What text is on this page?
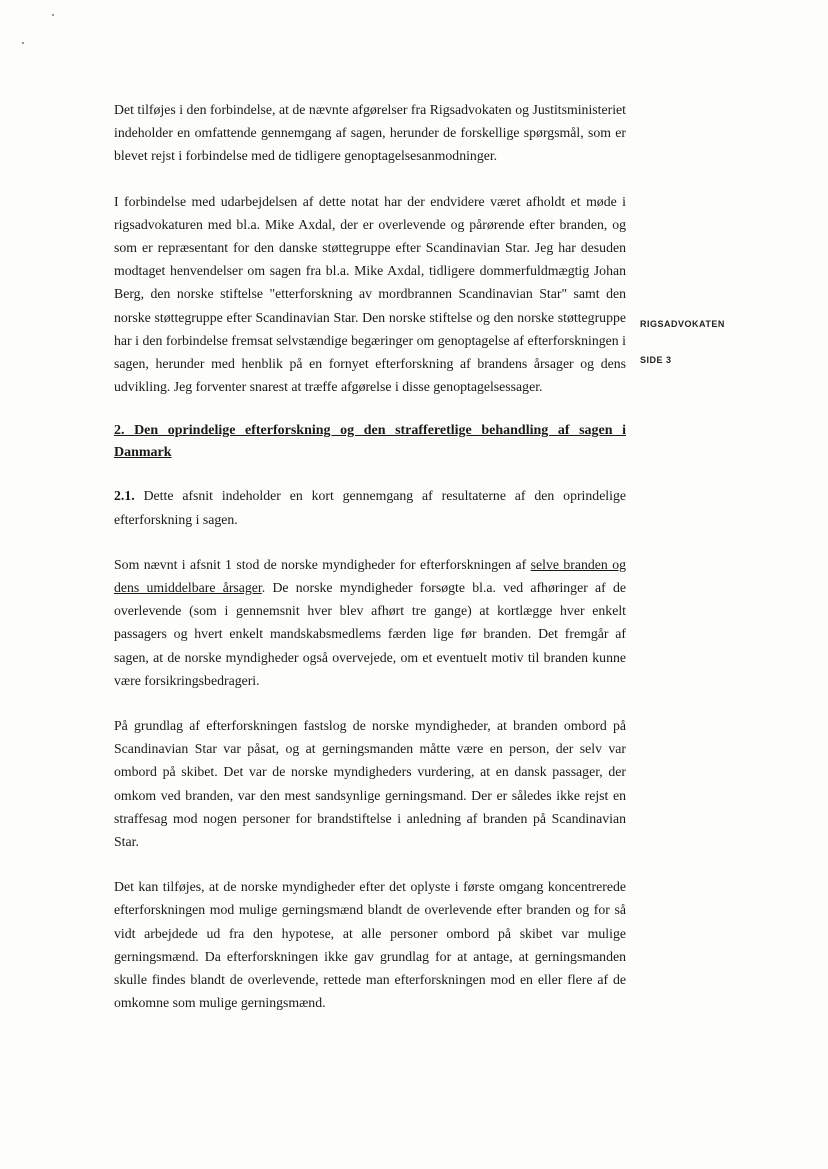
RIGSADVOKATEN
SIDE 3

Det tilføjes i den forbindelse, at de nævnte afgørelser fra Rigsadvokaten og Justitsministeriet indeholder en omfattende gennemgang af sagen, herunder de forskellige spørgsmål, som er blevet rejst i forbindelse med de tidligere genoptagelsesanmodninger.

I forbindelse med udarbejdelsen af dette notat har der endvidere været afholdt et møde i rigsadvokaturen med bl.a. Mike Axdal, der er overlevende og pårørende efter branden, og som er repræsentant for den danske støttegruppe efter Scandinavian Star. Jeg har desuden modtaget henvendelser om sagen fra bl.a. Mike Axdal, tidligere dommerfuldmægtig Johan Berg, den norske stiftelse "etterforskning av mordbrannen Scandinavian Star" samt den norske støttegruppe efter Scandinavian Star. Den norske stiftelse og den norske støttegruppe har i den forbindelse fremsat selvstændige begæringer om genoptagelse af efterforskningen i sagen, herunder med henblik på en fornyet efterforskning af brandens årsager og dens udvikling. Jeg forventer snarest at træffe afgørelse i disse genoptagelsessager.

2. Den oprindelige efterforskning og den strafferetlige behandling af sagen i Danmark

2.1. Dette afsnit indeholder en kort gennemgang af resultaterne af den oprindelige efterforskning i sagen.

Som nævnt i afsnit 1 stod de norske myndigheder for efterforskningen af selve branden og dens umiddelbare årsager. De norske myndigheder forsøgte bl.a. ved afhøringer af de overlevende (som i gennemsnit hver blev afhørt tre gange) at kortlægge hver enkelt passagers og hvert enkelt mandskabsmedlems færden lige før branden. Det fremgår af sagen, at de norske myndigheder også overvejede, om et eventuelt motiv til branden kunne være forsikringsbedrageri.

På grundlag af efterforskningen fastslog de norske myndigheder, at branden ombord på Scandinavian Star var påsat, og at gerningsmanden måtte være en person, der selv var ombord på skibet. Det var de norske myndigheders vurdering, at en dansk passager, der omkom ved branden, var den mest sandsynlige gerningsmand. Der er således ikke rejst en straffesag mod nogen personer for brandstiftelse i anledning af branden på Scandinavian Star.

Det kan tilføjes, at de norske myndigheder efter det oplyste i første omgang koncentrerede efterforskningen mod mulige gerningsmænd blandt de overlevende efter branden og for så vidt arbejdede ud fra den hypotese, at alle personer ombord på skibet var mulige gerningsmænd. Da efterforskningen ikke gav grundlag for at antage, at gerningsmanden skulle findes blandt de overlevende, rettede man efterforskningen mod en eller flere af de omkomne som mulige gerningsmænd.
